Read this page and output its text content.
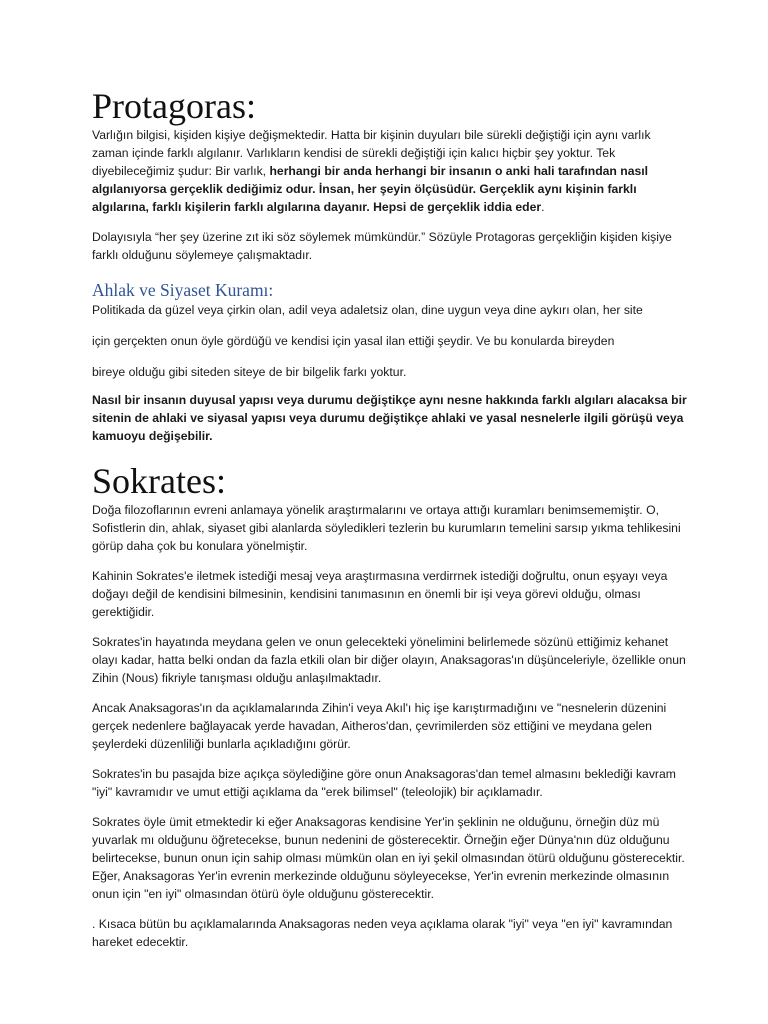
Protagoras:

Varlığın bilgisi, kişiden kişiye değişmektedir. Hatta bir kişinin duyuları bile sürekli değiştiği için aynı varlık zaman içinde farklı algılanır. Varlıkların kendisi de sürekli değiştiği için kalıcı hiçbir şey yoktur. Tek diyebileceğimiz şudur: Bir varlık, herhangi bir anda herhangi bir insanın o anki hali tarafından nasıl algılanıyorsa gerçeklik dediğimiz odur. İnsan, her şeyin ölçüsüdür. Gerçeklik aynı kişinin farklı algılarına, farklı kişilerin farklı algılarına dayanır. Hepsi de gerçeklik iddia eder.

Dolayısıyla “her şey üzerine zıt iki söz söylemek mümkündür.” Sözüyle Protagoras gerçekliğin kişiden kişiye farklı olduğunu söylemeye çalışmaktadır.

Ahlak ve Siyaset Kuramı:

Politikada da güzel veya çirkin olan, adil veya adaletsiz olan, dine uygun veya dine aykırı olan, her site

için gerçekten onun öyle gördüğü ve kendisi için yasal ilan ettiği şeydir. Ve bu konularda bireyden

bireye olduğu gibi siteden siteye de bir bilgelik farkı yoktur.

Nasıl bir insanın duyusal yapısı veya durumu değiştikçe aynı nesne hakkında farklı algıları alacaksa bir sitenin de ahlaki ve siyasal yapısı veya durumu değiştikçe ahlaki ve yasal nesnelerle ilgili görüşü veya kamuoyu değişebilir.

Sokrates:

Doğa filozoflarının evreni anlamaya yönelik araştırmalarını ve ortaya attığı kuramları benimsememiştir. O, Sofistlerin din, ahlak, siyaset gibi alanlarda söyledikleri tezlerin bu kurumların temelini sarsıp yıkma tehlikesini görüp daha çok bu konulara yönelmiştir.

Kahinin Sokrates'e iletmek istediği mesaj veya araştırmasına verdirrnek istediği doğrultu, onun eşyayı veya doğayı değil de kendisini bilmesinin, kendisini tanımasının en önemli bir işi veya görevi olduğu, olması gerektiğidir.

Sokrates'in hayatında meydana gelen ve onun gelecekteki yönelimini belirlemede sözünü ettiğimiz kehanet olayı kadar, hatta belki ondan da fazla etkili olan bir diğer olayın, Anaksagoras'ın düşünceleriyle, özellikle onun Zihin (Nous) fikriyle tanışması olduğu anlaşılmaktadır.

Ancak Anaksagoras'ın da açıklamalarında Zihin'i veya Akıl'ı hiç işe karıştırmadığını ve "nesnelerin düzenini gerçek nedenlere bağlayacak yerde havadan, Aitheros'dan, çevrimilerden söz ettiğini ve meydana gelen şeylerdeki düzenliliği bunlarla açıkladığını görür.

Sokrates'in bu pasajda bize açıkça söylediğine göre onun Anaksagoras'dan temel almasını beklediği kavram "iyi" kavramıdır ve umut ettiği açıklama da "erek bilimsel" (teleolojik) bir açıklamadır.

Sokrates öyle ümit etmektedir ki eğer Anaksagoras kendisine Yer'in şeklinin ne olduğunu, örneğin düz mü yuvarlak mı olduğunu öğretecekse, bunun nedenini de gösterecektir. Örneğin eğer Dünya'nın düz olduğunu belirtecekse, bunun onun için sahip olması mümkün olan en iyi şekil olmasından ötürü olduğunu gösterecektir. Eğer, Anaksagoras Yer'in evrenin merkezinde olduğunu söyleyecekse, Yer'in evrenin merkezinde olmasının onun için "en iyi" olmasından ötürü öyle olduğunu gösterecektir.

. Kısaca bütün bu açıklamalarında Anaksagoras neden veya açıklama olarak "iyi" veya "en iyi" kavramından hareket edecektir.
